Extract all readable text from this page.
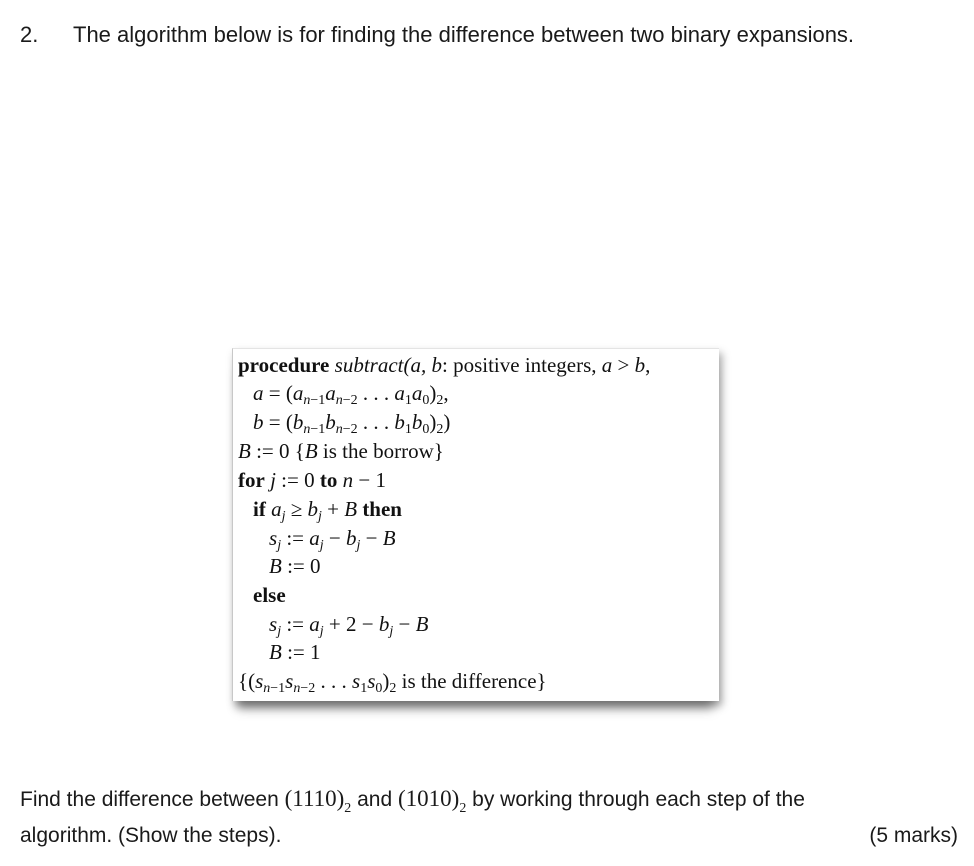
2. The algorithm below is for finding the difference between two binary expansions.
procedure subtract(a, b: positive integers, a > b,
$a = (a_n-1a_n-2$ . . . a1a0)2,
$b = (b_n-1b_n-2$ . . . b1b0)2)
B := 0 {B is the borrow}
for j := 0 to n − 1
if $a_j \ge b_j + B$ then
$s_j$ := $a_j - b_j - B$
B := 0
else
$s_j$ := $a_j + 2 - b_j - B$
B := 1
{($s_n-1s_n-2$ . . . s1s0)2 is the difference}
Find the difference between $(1110)_2$ and $(1010)_2$ by working through each step of the
algorithm. (Show the steps).	(5 marks)
